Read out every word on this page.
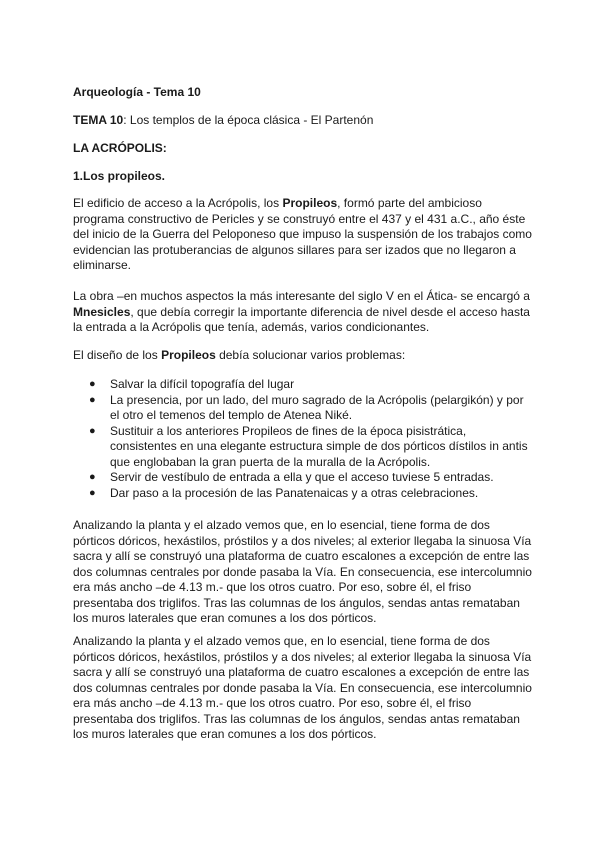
Arqueología - Tema 10

TEMA 10: Los templos de la época clásica - El Partenón

LA ACRÓPOLIS:

1.Los propileos.

El edificio de acceso a la Acrópolis, los Propileos, formó parte del ambicioso programa constructivo de Pericles y se construyó entre el 437 y el 431 a.C., año éste del inicio de la Guerra del Peloponeso que impuso la suspensión de los trabajos como evidencian las protuberancias de algunos sillares para ser izados que no llegaron a eliminarse.

La obra –en muchos aspectos la más interesante del siglo V en el Ática- se encargó a Mnesicles, que debía corregir la importante diferencia de nivel desde el acceso hasta la entrada a la Acrópolis que tenía, además, varios condicionantes.

El diseño de los Propileos debía solucionar varios problemas:

● Salvar la difícil topografía del lugar
● La presencia, por un lado, del muro sagrado de la Acrópolis (pelargikón) y por el otro el temenos del templo de Atenea Niké.
● Sustituir a los anteriores Propileos de fines de la época pisistrática, consistentes en una elegante estructura simple de dos pórticos dístilos in antis que englobaban la gran puerta de la muralla de la Acrópolis.
● Servir de vestíbulo de entrada a ella y que el acceso tuviese 5 entradas.
● Dar paso a la procesión de las Panatenaicas y a otras celebraciones.

Analizando la planta y el alzado vemos que, en lo esencial, tiene forma de dos pórticos dóricos, hexástilos, próstilos y a dos niveles; al exterior llegaba la sinuosa Vía sacra y allí se construyó una plataforma de cuatro escalones a excepción de entre las dos columnas centrales por donde pasaba la Vía. En consecuencia, ese intercolumnio era más ancho –de 4.13 m.- que los otros cuatro. Por eso, sobre él, el friso presentaba dos triglifos. Tras las columnas de los ángulos, sendas antas remataban los muros laterales que eran comunes a los dos pórticos.

Analizando la planta y el alzado vemos que, en lo esencial, tiene forma de dos pórticos dóricos, hexástilos, próstilos y a dos niveles; al exterior llegaba la sinuosa Vía sacra y allí se construyó una plataforma de cuatro escalones a excepción de entre las dos columnas centrales por donde pasaba la Vía. En consecuencia, ese intercolumnio era más ancho –de 4.13 m.- que los otros cuatro. Por eso, sobre él, el friso presentaba dos triglifos. Tras las columnas de los ángulos, sendas antas remataban los muros laterales que eran comunes a los dos pórticos.
